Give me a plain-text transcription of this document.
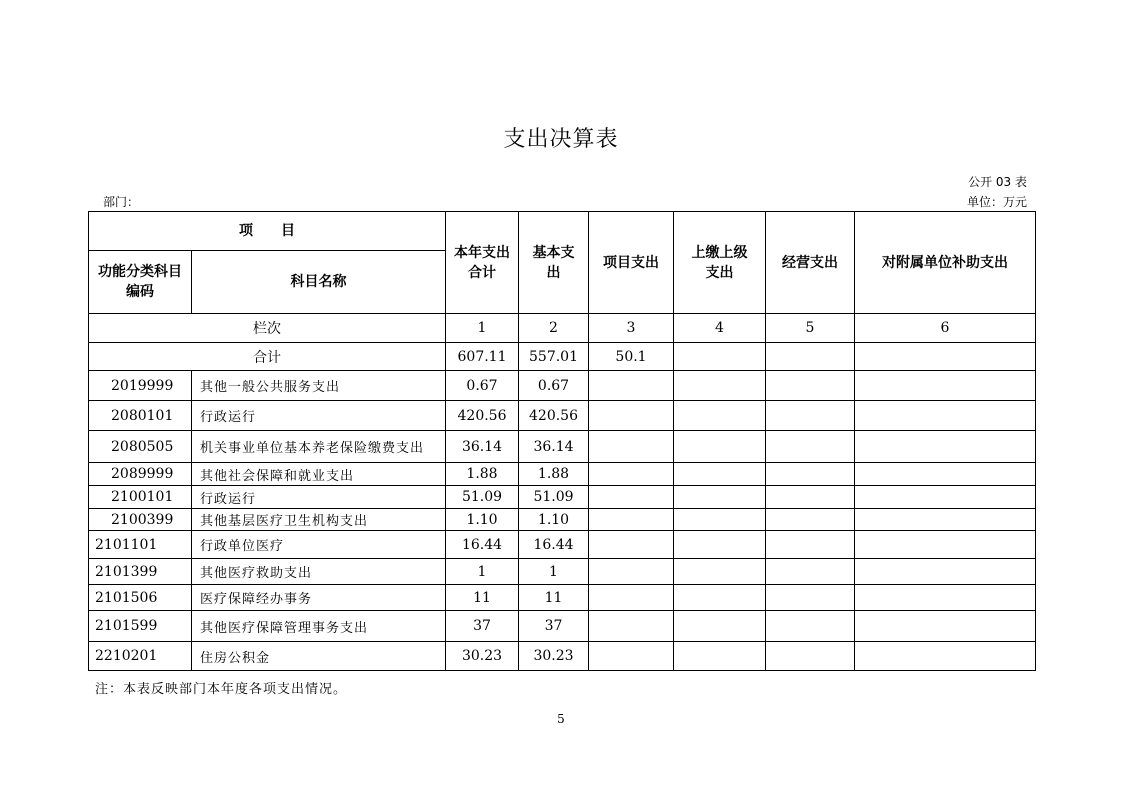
支出决算表
公开 03 表
部门：	单位：万元
项　　目		本年支出合计	基本支出	项目支出	上缴上级支出	经营支出	对附属单位补助支出
功能分类科目编码	科目名称						
栏次		1	2	3	4	5	6
合计		607.11	557.01	50.1			
2019999	其他一般公共服务支出	0.67	0.67				
2080101	行政运行	420.56	420.56				
2080505	机关事业单位基本养老保险缴费支出	36.14	36.14				
2089999	其他社会保障和就业支出	1.88	1.88				
2100101	行政运行	51.09	51.09				
2100399	其他基层医疗卫生机构支出	1.10	1.10				
2101101	行政单位医疗	16.44	16.44				
2101399	其他医疗救助支出	1	1				
2101506	医疗保障经办事务	11	11				
2101599	其他医疗保障管理事务支出	37	37				
2210201	住房公积金	30.23	30.23				
注：本表反映部门本年度各项支出情况。
5
